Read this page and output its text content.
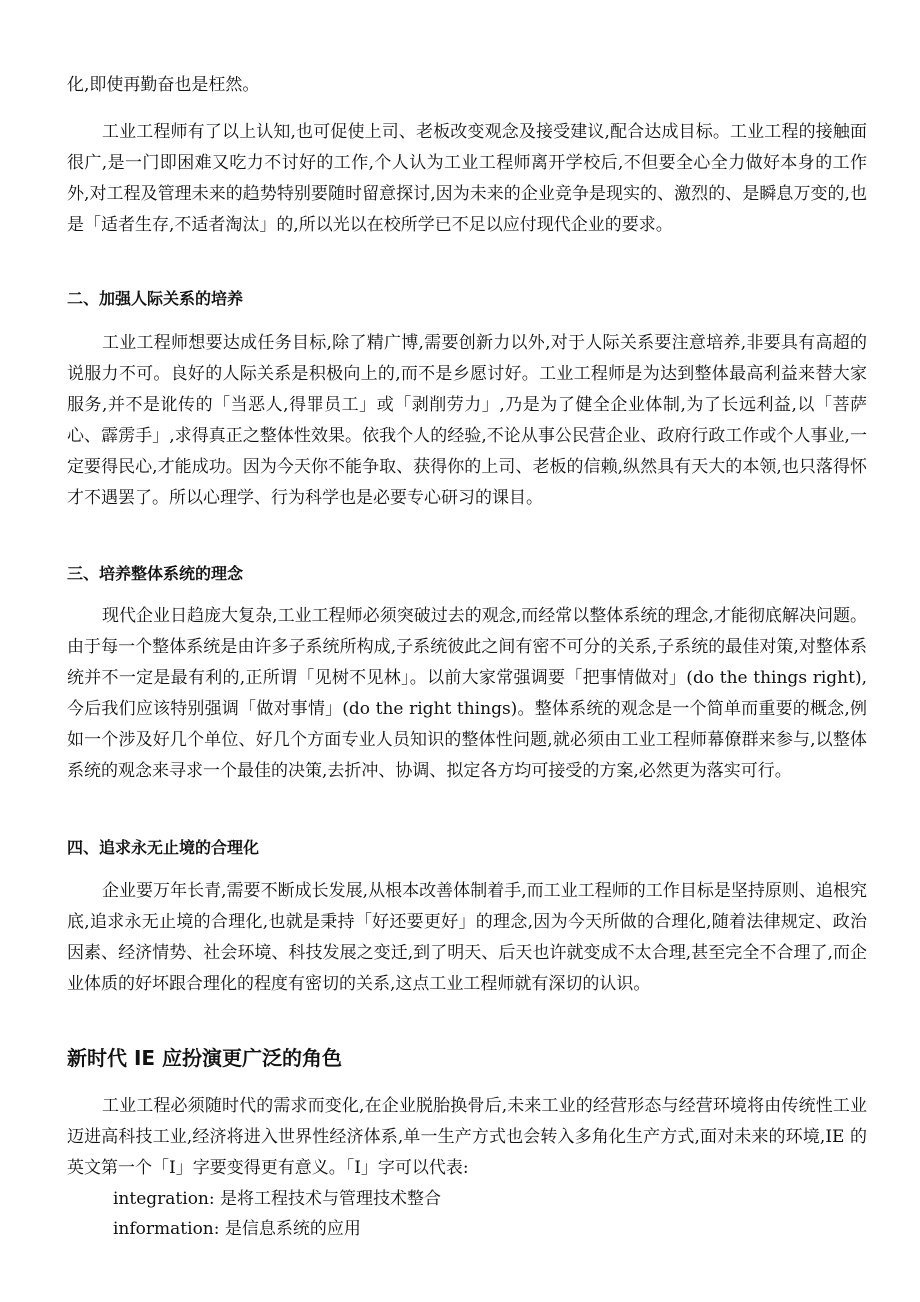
化,即使再勤奋也是枉然。

工业工程师有了以上认知,也可促使上司、老板改变观念及接受建议,配合达成目标。工业工程的接触面很广,是一门即困难又吃力不讨好的工作,个人认为工业工程师离开学校后,不但要全心全力做好本身的工作外,对工程及管理未来的趋势特别要随时留意探讨,因为未来的企业竞争是现实的、激烈的、是瞬息万变的,也是「适者生存,不适者淘汰」的,所以光以在校所学已不足以应付现代企业的要求。

二、加强人际关系的培养

工业工程师想要达成任务目标,除了精广博,需要创新力以外,对于人际关系要注意培养,非要具有高超的说服力不可。良好的人际关系是积极向上的,而不是乡愿讨好。工业工程师是为达到整体最高利益来替大家服务,并不是讹传的「当恶人,得罪员工」或「剥削劳力」,乃是为了健全企业体制,为了长远利益,以「菩萨心、霹雳手」,求得真正之整体性效果。依我个人的经验,不论从事公民营企业、政府行政工作或个人事业,一定要得民心,才能成功。因为今天你不能争取、获得你的上司、老板的信赖,纵然具有天大的本领,也只落得怀才不遇罢了。所以心理学、行为科学也是必要专心研习的课目。

三、培养整体系统的理念

现代企业日趋庞大复杂,工业工程师必须突破过去的观念,而经常以整体系统的理念,才能彻底解决问题。由于每一个整体系统是由许多子系统所构成,子系统彼此之间有密不可分的关系,子系统的最佳对策,对整体系统并不一定是最有利的,正所谓「见树不见林」。以前大家常强调要「把事情做对」(do the things right),今后我们应该特别强调「做对事情」(do the right things)。整体系统的观念是一个简单而重要的概念,例如一个涉及好几个单位、好几个方面专业人员知识的整体性问题,就必须由工业工程师幕僚群来参与,以整体系统的观念来寻求一个最佳的决策,去折冲、协调、拟定各方均可接受的方案,必然更为落实可行。

四、追求永无止境的合理化

企业要万年长青,需要不断成长发展,从根本改善体制着手,而工业工程师的工作目标是坚持原则、追根究底,追求永无止境的合理化,也就是秉持「好还要更好」的理念,因为今天所做的合理化,随着法律规定、政治因素、经济情势、社会环境、科技发展之变迁,到了明天、后天也许就变成不太合理,甚至完全不合理了,而企业体质的好坏跟合理化的程度有密切的关系,这点工业工程师就有深切的认识。

新时代 IE 应扮演更广泛的角色

工业工程必须随时代的需求而变化,在企业脱胎换骨后,未来工业的经营形态与经营环境将由传统性工业迈进高科技工业,经济将进入世界性经济体系,单一生产方式也会转入多角化生产方式,面对未来的环境,IE 的英文第一个「I」字要变得更有意义。「I」字可以代表:

integration: 是将工程技术与管理技术整合

information: 是信息系统的应用
